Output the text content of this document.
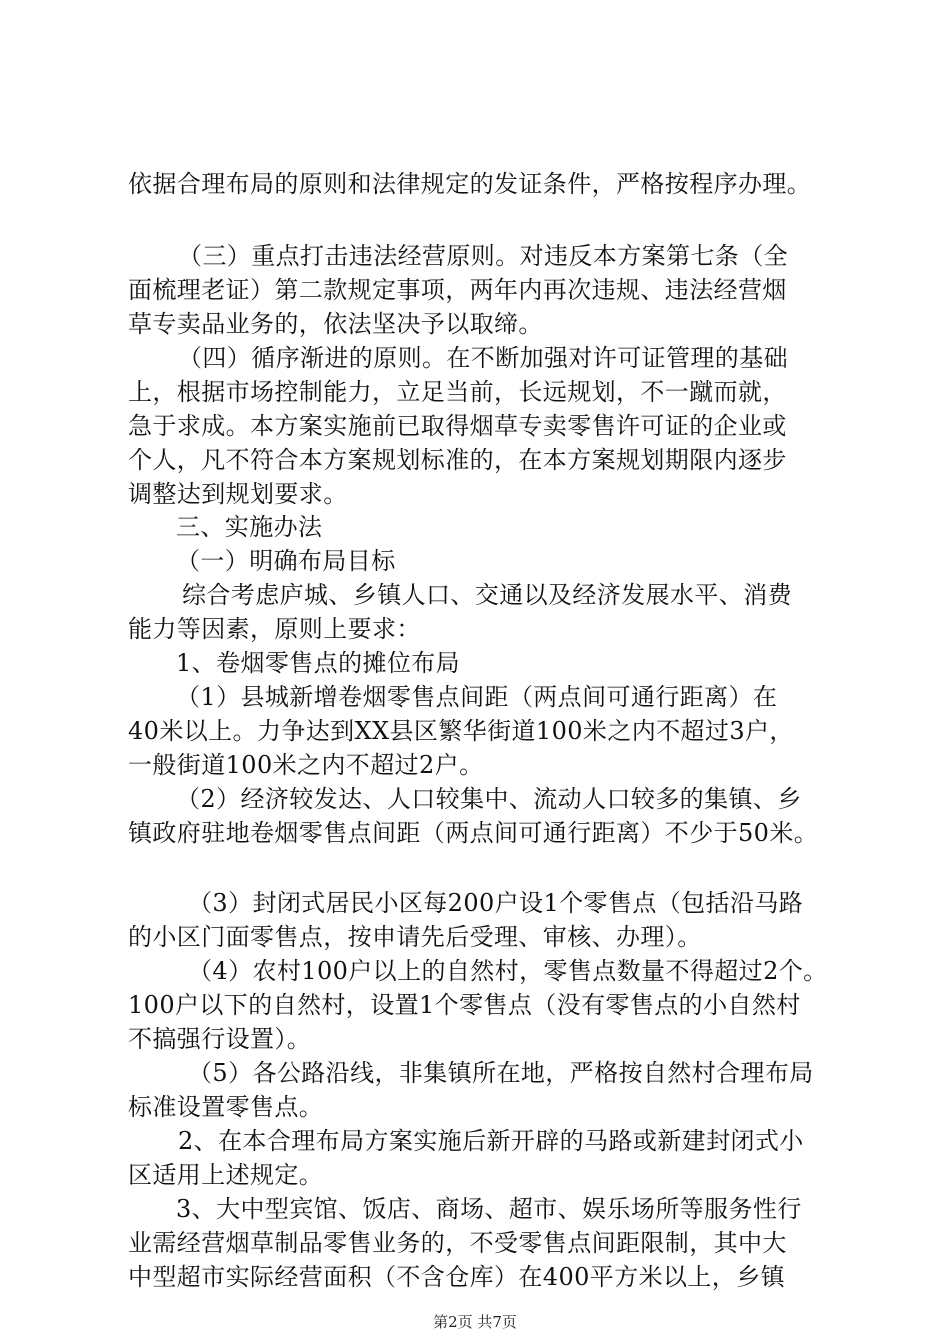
依据合理布局的原则和法律规定的发证条件，严格按程序办理。
（三）重点打击违法经营原则。对违反本方案第七条（全
面梳理老证）第二款规定事项，两年内再次违规、违法经营烟
草专卖品业务的，依法坚决予以取缔。
（四）循序渐进的原则。在不断加强对许可证管理的基础
上，根据市场控制能力，立足当前，长远规划，不一蹴而就，
急于求成。本方案实施前已取得烟草专卖零售许可证的企业或
个人，凡不符合本方案规划标准的，在本方案规划期限内逐步
调整达到规划要求。
三、实施办法
（一）明确布局目标
综合考虑庐城、乡镇人口、交通以及经济发展水平、消费
能力等因素，原则上要求：
1、卷烟零售点的摊位布局
（1）县城新增卷烟零售点间距（两点间可通行距离）在
40米以上。力争达到XX县区繁华街道100米之内不超过3户，
一般街道100米之内不超过2户。
（2）经济较发达、人口较集中、流动人口较多的集镇、乡
镇政府驻地卷烟零售点间距（两点间可通行距离）不少于50米。
（3）封闭式居民小区每200户设1个零售点（包括沿马路
的小区门面零售点，按申请先后受理、审核、办理）。
（4）农村100户以上的自然村，零售点数量不得超过2个。
100户以下的自然村，设置1个零售点（没有零售点的小自然村
不搞强行设置）。
（5）各公路沿线，非集镇所在地，严格按自然村合理布局
标准设置零售点。
2、在本合理布局方案实施后新开辟的马路或新建封闭式小
区适用上述规定。
3、大中型宾馆、饭店、商场、超市、娱乐场所等服务性行
业需经营烟草制品零售业务的，不受零售点间距限制，其中大
中型超市实际经营面积（不含仓库）在400平方米以上，乡镇
第2页 共7页
